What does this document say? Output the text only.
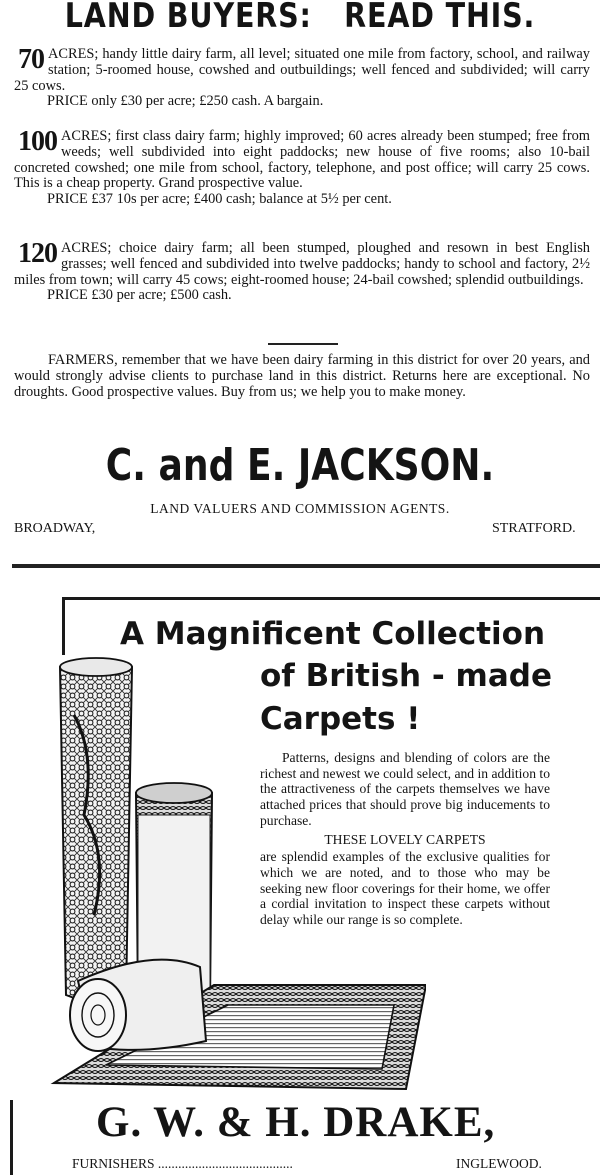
LAND BUYERS:   READ THIS.
70 ACRES; handy little dairy farm, all level; situated one mile from factory, school, and railway station; 5-roomed house, cowshed and outbuildings; well fenced and subdivided; will carry 25 cows.
PRICE only £30 per acre; £250 cash. A bargain.
100 ACRES; first class dairy farm; highly improved; 60 acres already been stumped; free from weeds; well subdivided into eight paddocks; new house of five rooms; also 10-bail concreted cowshed; one mile from school, factory, telephone, and post office; will carry 25 cows. This is a cheap property. Grand prospective value.
PRICE £37 10s per acre; £400 cash; balance at 5½ per cent.
120 ACRES; choice dairy farm; all been stumped, ploughed and resown in best English grasses; well fenced and subdivided into twelve paddocks; handy to school and factory, 2½ miles from town; will carry 45 cows; eight-roomed house; 24-bail cowshed; splendid outbuildings.
PRICE £30 per acre; £500 cash.
FARMERS, remember that we have been dairy farming in this district for over 20 years, and would strongly advise clients to purchase land in this district. Returns here are exceptional. No droughts. Good prospective values. Buy from us; we help you to make money.
C. and E. JACKSON.
LAND VALUERS AND COMMISSION AGENTS.
BROADWAY,	STRATFORD.
A Magnificent Collection
of British - made
Carpets !

Patterns, designs and blending of colors are the richest and newest we could select, and in addition to the attractiveness of the carpets themselves we have attached prices that should prove big inducements to purchase.

THESE LOVELY CARPETS

are splendid examples of the exclusive qualities for which we are noted, and to those who may be seeking new floor coverings for their home, we offer a cordial invitation to inspect these carpets without delay while our range is so complete.

G. W. & H. DRAKE,
FURNISHERS ........................................	INGLEWOOD.
